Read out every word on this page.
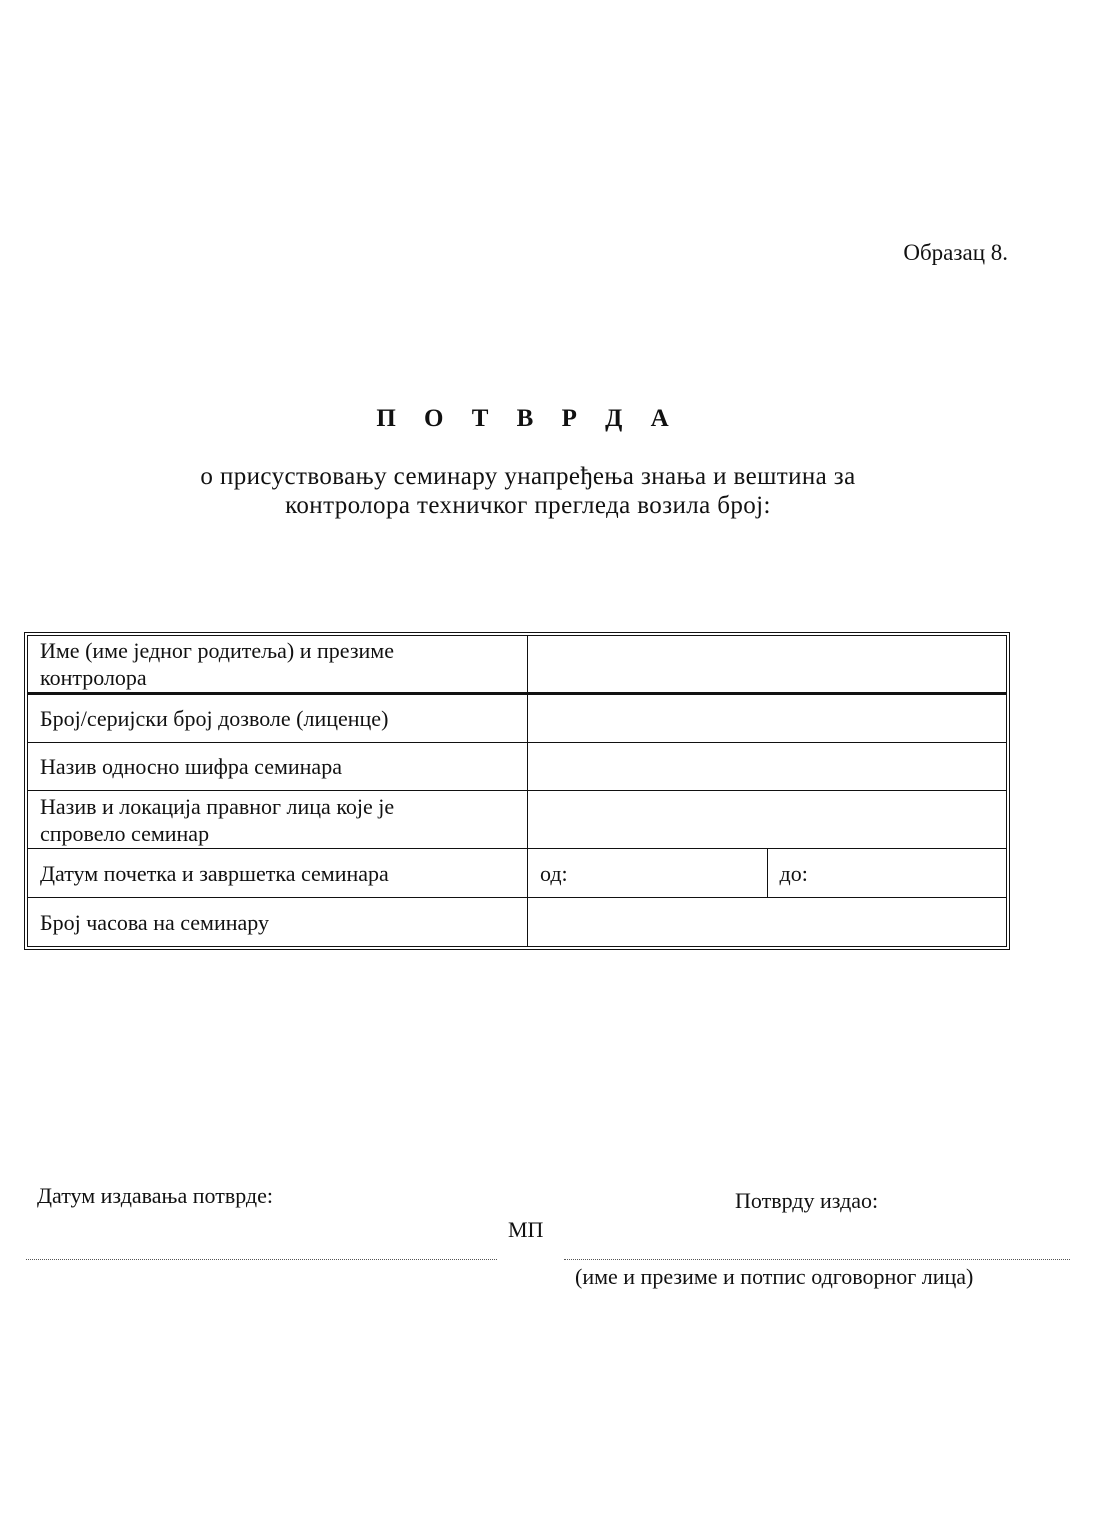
Образац 8.
П О Т В Р Д А
о присуствовању семинару унапређења знања и вештина за
контролора техничког прегледа возила број:
Име (име једног родитеља) и презиме
контролора		

Број/серијски број дозволе (лиценце)		
Назив односно шифра семинара		

Назив и локација правног лица које је
спровело семинар		

Датум почетка и завршетка семинара	од:	до:
Број часова на семинару		
Датум издавања потврде:
МП
Потврду издао:
(име и презиме и потпис одговорног лица)
